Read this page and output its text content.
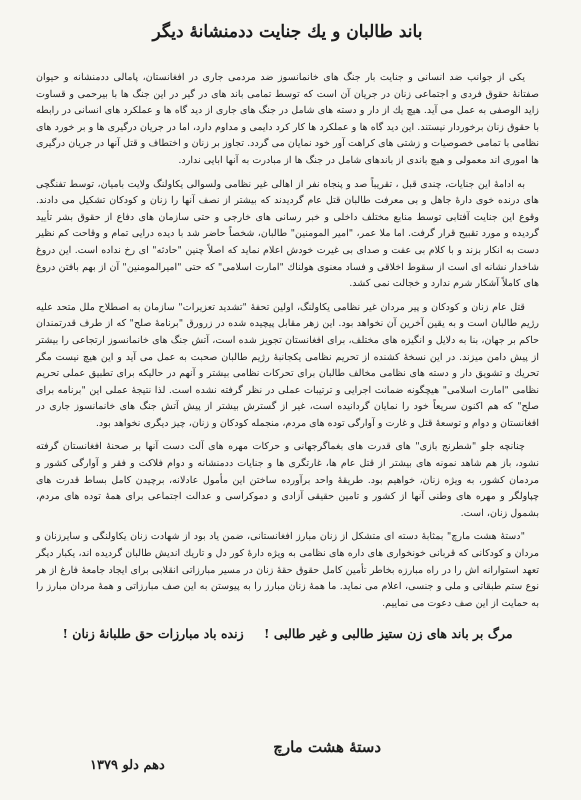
باند طالبان و یك جنایت ددمنشانهٔ دیگر

یکی از جوانب ضد انسانی و جنایت بار جنگ های خانمانسوز ضد مردمی جاری در افغانستان، پامالی ددمنشانه و حیوان صفتانهٔ حقوق فردی و اجتماعی زنان در جریان آن است که توسط تمامی باند های در گیر در این جنگ ها با بیرحمی و قساوت زاید الوصفی به عمل می آید. هیچ یك از دار و دسته های شامل در جنگ های جاری از دید گاه ها و عملکرد های انسانی در رابطه با حقوق زنان برخوردار نیستند. این دید گاه ها و عملکرد ها کار کرد دایمی و مداوم دارد، اما در جریان درگیری ها و بر خورد های نظامی با تمامی خصوصیات و زشتی های کراهت آور خود نمایان می گردد. تجاوز بر زنان و اختطاف و قتل آنها در جریان درگیری ها اموری اند معمولی و هیچ باندی از باندهای شامل در جنگ ها از مبادرت به آنها ابایی ندارد.

به ادامهٔ این جنایات، چندی قبل ، تقریباً صد و پنجاه نفر از اهالی غیر نظامی ولسوالی یکاولنگ ولایت بامیان، توسط تفنگچی های درنده خوی دارهٔ جاهل و بی معرفت طالبان قتل عام گردیدند که بیشتر از نصف آنها را زنان و کودکان تشکیل می دادند. وقوع این جنایت آفتابی توسط منابع مختلف داخلی و خبر رسانی های خارجی و حتی سازمان های دفاع از حقوق بشر تأیید گردیده و مورد تقبیح قرار گرفت. اما ملا عمر، "امیر المومنین" طالبان، شخصاً حاضر شد با دیده درایی تمام و وقاحت کم نظیر دست به انکار بزند و با کلام بی عفت و صدای بی غیرت خودش اعلام نماید که اصلاً چنین "حادثه" ای رخ نداده است. این دروغ شاخدار نشانه ای است از سقوط اخلاقی و فساد معنوی هولناك "امارت اسلامی" که حتی "امیرالمومنین" آن از بهم بافتن دروغ های کاملاً آشکار شرم ندارد و خجالت نمی کشد.

قتل عام زنان و کودکان و پیر مردان غیر نظامی یکاولنگ، اولین تحفهٔ "تشدید تعزیرات" سازمان به اصطلاح ملل متحد علیه رژیم طالبان است و به یقین آخرین آن نخواهد بود. این زهر مقابل پیچیده شده در زرورق "برنامهٔ صلح" که از طرف قدرتمندان حاکم بر جهان، بنا به دلایل و انگیزه های مختلف، برای افغانستان تجویز شده است، آتش جنگ های خانمانسوز ارتجاعی را بیشتر از پیش دامن میزند. در این نسخهٔ کشنده از تحریم نظامی یکجانبهٔ رژیم طالبان صحبت به عمل می آید و این هیچ نیست مگر تحریك و تشویق دار و دسته های نظامی مخالف طالبان برای تحرکات نظامی بیشتر و آنهم در حالیکه برای تطبیق عملی تحریم نظامی "امارت اسلامی" هیچگونه ضمانت اجرایی و ترتیبات عملی در نظر گرفته نشده است. لذا نتیجهٔ عملی این "برنامه برای صلح" که هم اکنون سریعاً خود را نمایان گردانیده است، غیر از گسترش بیشتر از پیش آتش جنگ های خانمانسوز جاری در افغانستان و دوام و توسعهٔ قتل و غارت و آوارگی توده های مردم، منجمله کودکان و زنان، چیز دیگری نخواهد بود.

چنانچه جلو "شطرنج بازی" های قدرت های بغماگرجهانی و حرکات مهره های آلت دست آنها بر صحنهٔ افغانستان گرفته نشود، باز هم شاهد نمونه های بیشتر از قتل عام ها، غارتگری ها و جنایات ددمنشانه و دوام فلاکت و فقر و آوارگی کشور و مردمان کشور، به ویژه زنان، خواهیم بود. طریقهٔ واحد برآورده ساختن این مأمول عادلانه، برچیدن کامل بساط قدرت های چپاولگر و مهره های وطنی آنها از کشور و تامین حقیقی آزادی و دموکراسی و عدالت اجتماعی برای همهٔ توده های مردم، بشمول زنان، است.

"دستهٔ هشت مارچ" بمثابهٔ دسته ای متشکل از زنان مبارز افغانستانی، ضمن یاد بود از شهادت زنان یکاولنگی و سایرزنان و مردان و کودکانی که قربانی خونخواری های داره های نظامی به ویژه دارهٔ کور دل و تاریك اندیش طالبان گردیده اند، یکبار دیگر تعهد استوارانه اش را در راه مبارزه بخاطر تأمین کامل حقوق حقهٔ زنان در مسیر مبارزاتی انقلابی برای ایجاد جامعهٔ فارغ از هر نوع ستم طبقاتی و ملی و جنسی، اعلام می نماید. ما همهٔ زنان مبارز را به پیوستن به این صف مبارزاتی و همهٔ مردان مبارز را به حمایت از این صف دعوت می نماییم.

مرگ بر باند های زن ستیز طالبی و غیر طالبی ! زنده باد مبارزات حق طلبانهٔ زنان !
دستهٔ هشت مارچ
دهم دلو ۱۳۷۹
